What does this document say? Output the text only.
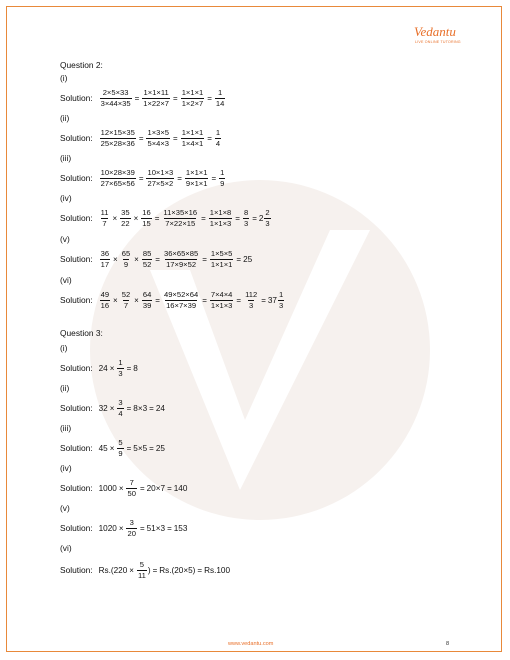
Vedantu
LIVE ONLINE TUTORING
Question 2:
(i)
Solution: $\frac{2\times 5\times 33}{3\times 44\times 35} = \frac{1\times 1\times 11}{1\times 22\times 7} = \frac{1\times 1\times 1}{1\times 2\times 7} = \frac{1}{14}$
(ii)
Solution: $\frac{12\times 15\times 35}{25\times 28\times 36} = \frac{1\times 3\times 5}{5\times 4\times 3} = \frac{1\times 1\times 1}{1\times 4\times 1} = \frac{1}{4}$
(iii)
Solution: $\frac{10\times 28\times 39}{27\times 65\times 56} = \frac{10\times 1\times 3}{27\times 5\times 2} = \frac{1\times 1\times 1}{9\times 1\times 1} = \frac{1}{9}$
(iv)
Solution: $\frac{11}{7} \times \frac{35}{22} \times \frac{16}{15} = \frac{11\times 35\times 16}{7\times 22\times 15} = \frac{1\times 1\times 8}{1\times 1\times 3} = \frac{8}{3} = 2 \frac{2}{3}$
(v)
Solution: $\frac{36}{17} \times \frac{65}{9} \times \frac{85}{52} = \frac{36\times 65\times 85}{17\times 9\times 52} = \frac{1\times 5\times 5}{1\times 1\times 1} = 25$
(vi)
Solution: $\frac{49}{16} \times \frac{52}{7} \times \frac{64}{39} = \frac{49\times 52\times 64}{16\times 7\times 39} = \frac{7\times 4\times 4}{1\times 1\times 3} = \frac{112}{3} = 37 \frac{1}{3}$
Question 3:
(i)
Solution: $24 \times \frac{1}{3} = 8$
(ii)
Solution: $32 \times \frac{3}{4} = 8\times 3 = 24$
(iii)
Solution: $45 \times \frac{5}{9} = 5\times 5 = 25$
(iv)
Solution: $1000 \times \frac{7}{50} = 20\times 7 = 140$
(v)
Solution: $1020 \times \frac{3}{20} = 51\times 3 = 153$
(vi)
Solution: $Rs.(220 \times \frac{5}{11}$ ) = Rs.(20×5) = Rs.100
www.vedantu.com	8
